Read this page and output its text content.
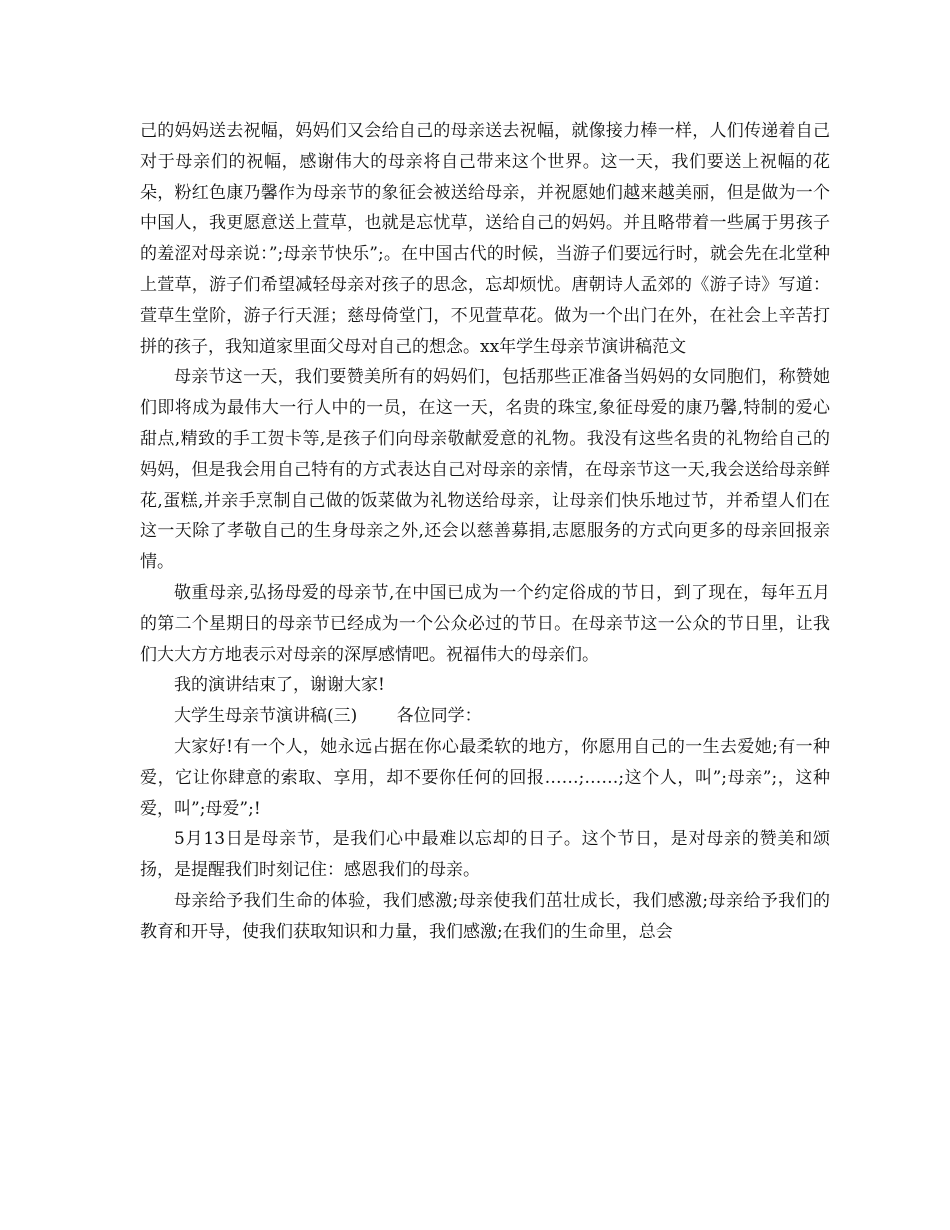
己的妈妈送去祝幅，妈妈们又会给自己的母亲送去祝幅，就像接力棒一样，人们传递着自己对于母亲们的祝幅，感谢伟大的母亲将自己带来这个世界。这一天，我们要送上祝幅的花朵，粉红色康乃馨作为母亲节的象征会被送给母亲，并祝愿她们越来越美丽，但是做为一个中国人，我更愿意送上萱草，也就是忘忧草，送给自己的妈妈。并且略带着一些属于男孩子的羞涩对母亲说：”;母亲节快乐”;。在中国古代的时候，当游子们要远行时，就会先在北堂种上萱草，游子们希望减轻母亲对孩子的思念，忘却烦忧。唐朝诗人孟郊的《游子诗》写道：萱草生堂阶，游子行天涯；慈母倚堂门，不见萱草花。做为一个出门在外，在社会上辛苦打拼的孩子，我知道家里面父母对自己的想念。xx年学生母亲节演讲稿范文

母亲节这一天，我们要赞美所有的妈妈们，包括那些正准备当妈妈的女同胞们，称赞她们即将成为最伟大一行人中的一员，在这一天，名贵的珠宝,象征母爱的康乃馨,特制的爱心甜点,精致的手工贺卡等,是孩子们向母亲敬献爱意的礼物。我没有这些名贵的礼物给自己的妈妈，但是我会用自己特有的方式表达自己对母亲的亲情，在母亲节这一天,我会送给母亲鲜花,蛋糕,并亲手烹制自己做的饭菜做为礼物送给母亲，让母亲们快乐地过节，并希望人们在这一天除了孝敬自己的生身母亲之外,还会以慈善募捐,志愿服务的方式向更多的母亲回报亲情。

敬重母亲,弘扬母爱的母亲节,在中国已成为一个约定俗成的节日，到了现在，每年五月的第二个星期日的母亲节已经成为一个公众必过的节日。在母亲节这一公众的节日里，让我们大大方方地表示对母亲的深厚感情吧。祝福伟大的母亲们。

我的演讲结束了，谢谢大家!

大学生母亲节演讲稿(三)　　 各位同学：

大家好!有一个人，她永远占据在你心最柔软的地方，你愿用自己的一生去爱她;有一种爱，它让你肆意的索取、享用，却不要你任何的回报……;……;这个人，叫”;母亲”;，这种爱，叫”;母爱”;!

5月13日是母亲节，是我们心中最难以忘却的日子。这个节日，是对母亲的赞美和颂扬，是提醒我们时刻记住：感恩我们的母亲。

母亲给予我们生命的体验，我们感激;母亲使我们茁壮成长，我们感激;母亲给予我们的教育和开导，使我们获取知识和力量，我们感激;在我们的生命里，总会
